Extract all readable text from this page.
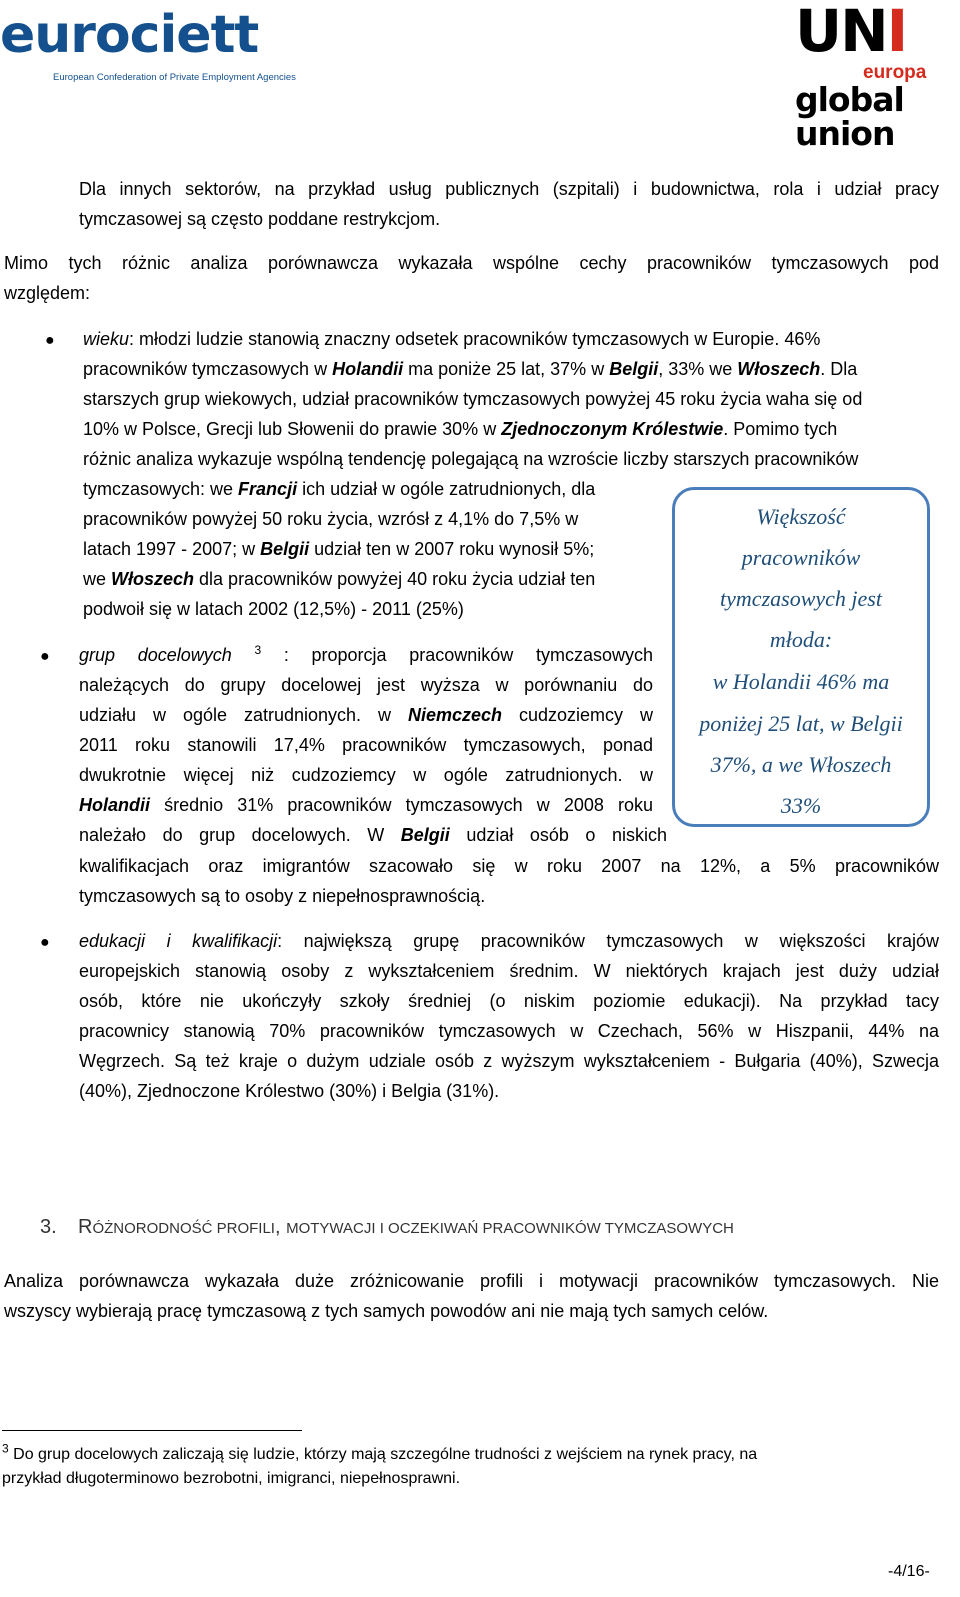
eurociett
European Confederation of Private Employment Agencies
UNI
europa
global
union
Dla innych sektorów, na przykład usług publicznych (szpitali) i budownictwa, rola i udział pracy
tymczasowej są często poddane restrykcjom.
Mimo tych różnic analiza porównawcza wykazała wspólne cechy pracowników tymczasowych pod
względem:
● wieku: młodzi ludzie stanowią znaczny odsetek pracowników tymczasowych w Europie. 46%
pracowników tymczasowych w Holandii ma poniże 25 lat, 37% w Belgii, 33% we Włoszech. Dla
starszych grup wiekowych, udział pracowników tymczasowych powyżej 45 roku życia waha się od
10% w Polsce, Grecji lub Słowenii do prawie 30% w Zjednoczonym Królestwie. Pomimo tych
różnic analiza wykazuje wspólną tendencję polegającą na wzroście liczby starszych pracowników
tymczasowych: we Francji ich udział w ogóle zatrudnionych, dla
pracowników powyżej 50 roku życia, wzrósł z 4,1% do 7,5% w
latach 1997 - 2007; w Belgii udział ten w 2007 roku wynosił 5%;
we Włoszech dla pracowników powyżej 40 roku życia udział ten
podwoił się w latach 2002 (12,5%) - 2011 (25%)
● grup docelowych $^3$ : proporcja pracowników tymczasowych
należących do grupy docelowej jest wyższa w porównaniu do
udziału w ogóle zatrudnionych. w Niemczech cudzoziemcy w
2011 roku stanowili 17,4% pracowników tymczasowych, ponad
dwukrotnie więcej niż cudzoziemcy w ogóle zatrudnionych. w
Holandii średnio 31% pracowników tymczasowych w 2008 roku
należało do grup docelowych. W Belgii udział osób o niskich
kwalifikacjach oraz imigrantów szacowało się w roku 2007 na 12%, a 5% pracowników
tymczasowych są to osoby z niepełnosprawnością.
Większość
pracowników
tymczasowych jest
młoda:
w Holandii 46% ma
poniżej 25 lat, w Belgii
37%, a we Włoszech
33%
● edukacji i kwalifikacji: największą grupę pracowników tymczasowych w większości krajów
europejskich stanowią osoby z wykształceniem średnim. W niektórych krajach jest duży udział
osób, które nie ukończyły szkoły średniej (o niskim poziomie edukacji). Na przykład tacy
pracownicy stanowią 70% pracowników tymczasowych w Czechach, 56% w Hiszpanii, 44% na
Węgrzech. Są też kraje o dużym udziale osób z wyższym wykształceniem - Bułgaria (40%), Szwecja
(40%), Zjednoczone Królestwo (30%) i Belgia (31%).
3. RÓŻNORODNOŚĆ PROFILI, MOTYWACJI I OCZEKIWAŃ PRACOWNIKÓW TYMCZASOWYCH
Analiza porównawcza wykazała duże zróżnicowanie profili i motywacji pracowników tymczasowych. Nie
wszyscy wybierają pracę tymczasową z tych samych powodów ani nie mają tych samych celów.
$^3$ Do grup docelowych zaliczają się ludzie, którzy mają szczególne trudności z wejściem na rynek pracy, na
przykład długoterminowo bezrobotni, imigranci, niepełnosprawni.
-4/16-
